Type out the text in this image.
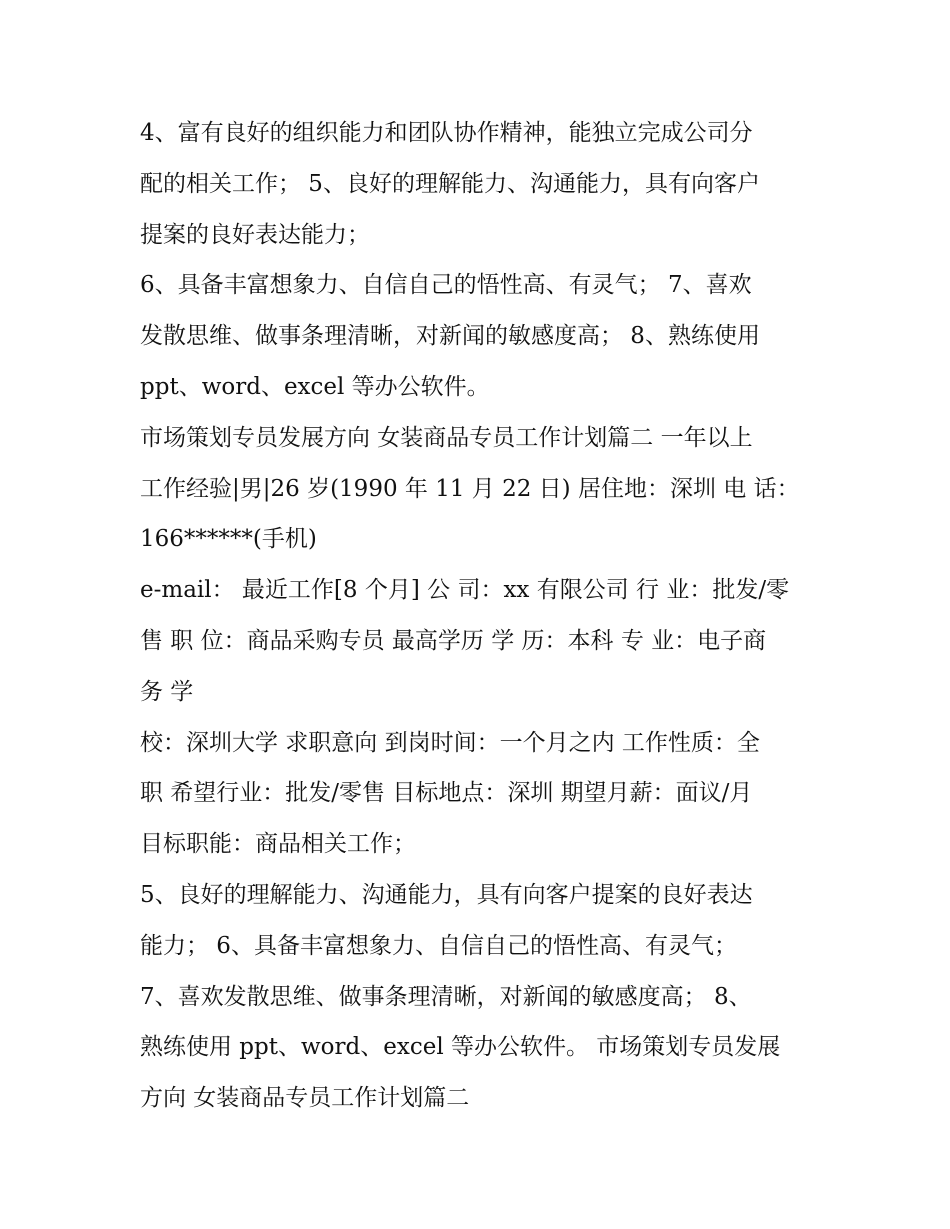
4、富有良好的组织能力和团队协作精神，能独立完成公司分
配的相关工作； 5、良好的理解能力、沟通能力，具有向客户
提案的良好表达能力；
6、具备丰富想象力、自信自己的悟性高、有灵气； 7、喜欢
发散思维、做事条理清晰，对新闻的敏感度高； 8、熟练使用
ppt、word、excel 等办公软件。
市场策划专员发展方向 女装商品专员工作计划篇二 一年以上
工作经验|男|26 岁(1990 年 11 月 22 日) 居住地：深圳 电 话：
166******(手机)
e-mail： 最近工作[8 个月] 公 司：xx 有限公司 行 业：批发/零
售 职 位：商品采购专员 最高学历 学 历：本科 专 业：电子商
务 学
校：深圳大学 求职意向 到岗时间：一个月之内 工作性质：全
职 希望行业：批发/零售 目标地点：深圳 期望月薪：面议/月
目标职能：商品相关工作；
5、良好的理解能力、沟通能力，具有向客户提案的良好表达
能力； 6、具备丰富想象力、自信自己的悟性高、有灵气；
7、喜欢发散思维、做事条理清晰，对新闻的敏感度高； 8、
熟练使用 ppt、word、excel 等办公软件。 市场策划专员发展
方向 女装商品专员工作计划篇二
